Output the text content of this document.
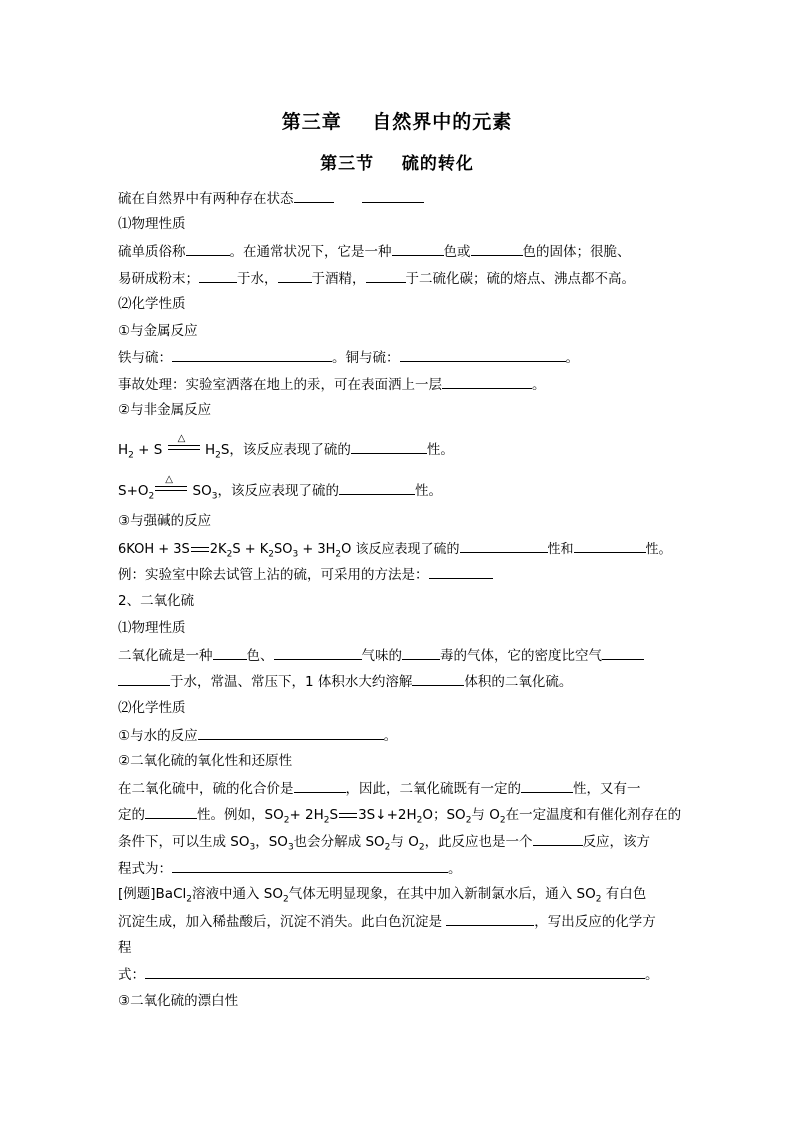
第三章    自然界中的元素
第三节    硫的转化
硫在自然界中有两种存在状态
⑴物理性质
硫单质俗称	。在通常状况下，它是一种	色或	色的固体；很脆、
易研成粉末；	于水，	于酒精，	于二硫化碳；硫的熔点、沸点都不高。
⑵化学性质
①与金属反应
铁与硫：	。铜与硫：	。
事故处理：实验室洒落在地上的汞，可在表面洒上一层	。
②与非金属反应
$H_2 + S$
△
$H_2S$，该反应表现了硫的	性。
$S+O_2$
△
$SO_3$，该反应表现了硫的	性。
③与强碱的反应
6KOH + 3S $2K_2S + K_2SO_3 + 3H_2O$ 该反应表现了硫的	性和	性。
例：实验室中除去试管上沾的硫，可采用的方法是：
2、二氧化硫
⑴物理性质
二氧化硫是一种	色、	气味的	毒的气体，它的密度比空气
于水，常温、常压下，1 体积水大约溶解	体积的二氧化硫。
⑵化学性质
①与水的反应	。
②二氧化硫的氧化性和还原性
在二氧化硫中，硫的化合价是	，因此，二氧化硫既有一定的	性，又有一
定的	性。例如，$SO_2+ 2H_2S$ $3S↓+2H_2O$；$SO_2$与 $O_2$在一定温度和有催化剂存在的
条件下，可以生成 $SO_3$，$SO_3$也会分解成 $SO_2$与 $O_2$，此反应也是一个	反应，该方
程式为：	。
[例题]BaCl$_2$溶液中通入 $SO_2$气体无明显现象，在其中加入新制氯水后，通入 $SO_2$ 有白色
沉淀生成，加入稀盐酸后，沉淀不消失。此白色沉淀是	，写出反应的化学方
程
式：	。
③二氧化硫的漂白性
